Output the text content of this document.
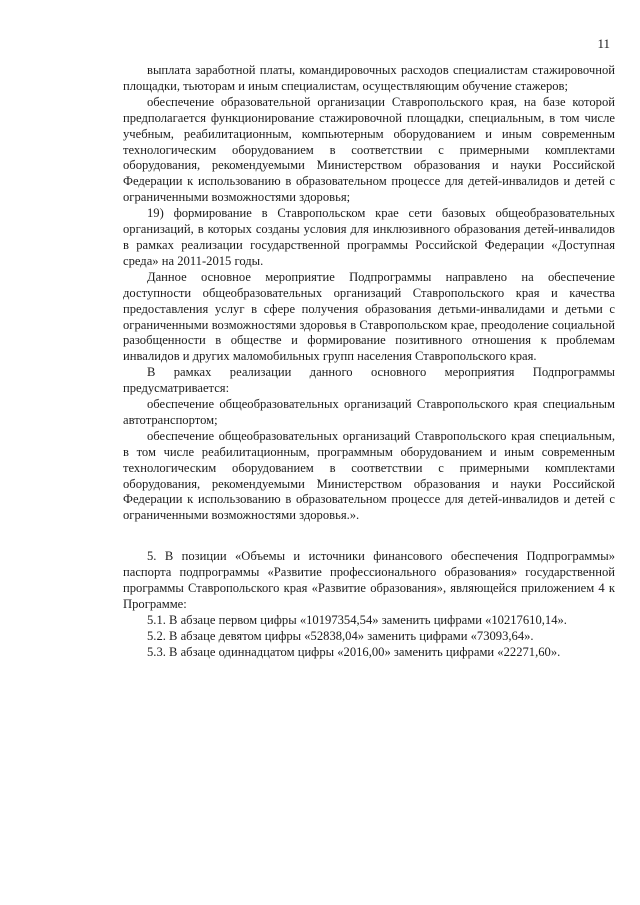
11

выплата заработной платы, командировочных расходов специалистам стажировочной площадки, тьюторам и иным специалистам, осуществляющим обучение стажеров;

обеспечение образовательной организации Ставропольского края, на базе которой предполагается функционирование стажировочной площадки, специальным, в том числе учебным, реабилитационным, компьютерным оборудованием и иным современным технологическим оборудованием в соответствии с примерными комплектами оборудования, рекомендуемыми Министерством образования и науки Российской Федерации к использованию в образовательном процессе для детей-инвалидов и детей с ограниченными возможностями здоровья;

19) формирование в Ставропольском крае сети базовых общеобразовательных организаций, в которых созданы условия для инклюзивного образования детей-инвалидов в рамках реализации государственной программы Российской Федерации «Доступная среда» на 2011-2015 годы.

Данное основное мероприятие Подпрограммы направлено на обеспечение доступности общеобразовательных организаций Ставропольского края и качества предоставления услуг в сфере получения образования детьми-инвалидами и детьми с ограниченными возможностями здоровья в Ставропольском крае, преодоление социальной разобщенности в обществе и формирование позитивного отношения к проблемам инвалидов и других маломобильных групп населения Ставропольского края.

В рамках реализации данного основного мероприятия Подпрограммы предусматривается:

обеспечение общеобразовательных организаций Ставропольского края специальным автотранспортом;

обеспечение общеобразовательных организаций Ставропольского края специальным, в том числе реабилитационным, программным оборудованием и иным современным технологическим оборудованием в соответствии с примерными комплектами оборудования, рекомендуемыми Министерством образования и науки Российской Федерации к использованию в образовательном процессе для детей-инвалидов и детей с ограниченными возможностями здоровья.».

5. В позиции «Объемы и источники финансового обеспечения Подпрограммы» паспорта подпрограммы «Развитие профессионального образования» государственной программы Ставропольского края «Развитие образования», являющейся приложением 4 к Программе:

5.1. В абзаце первом цифры «10197354,54» заменить цифрами «10217610,14».

5.2. В абзаце девятом цифры «52838,04» заменить цифрами «73093,64».

5.3. В абзаце одиннадцатом цифры «2016,00» заменить цифрами «22271,60».
